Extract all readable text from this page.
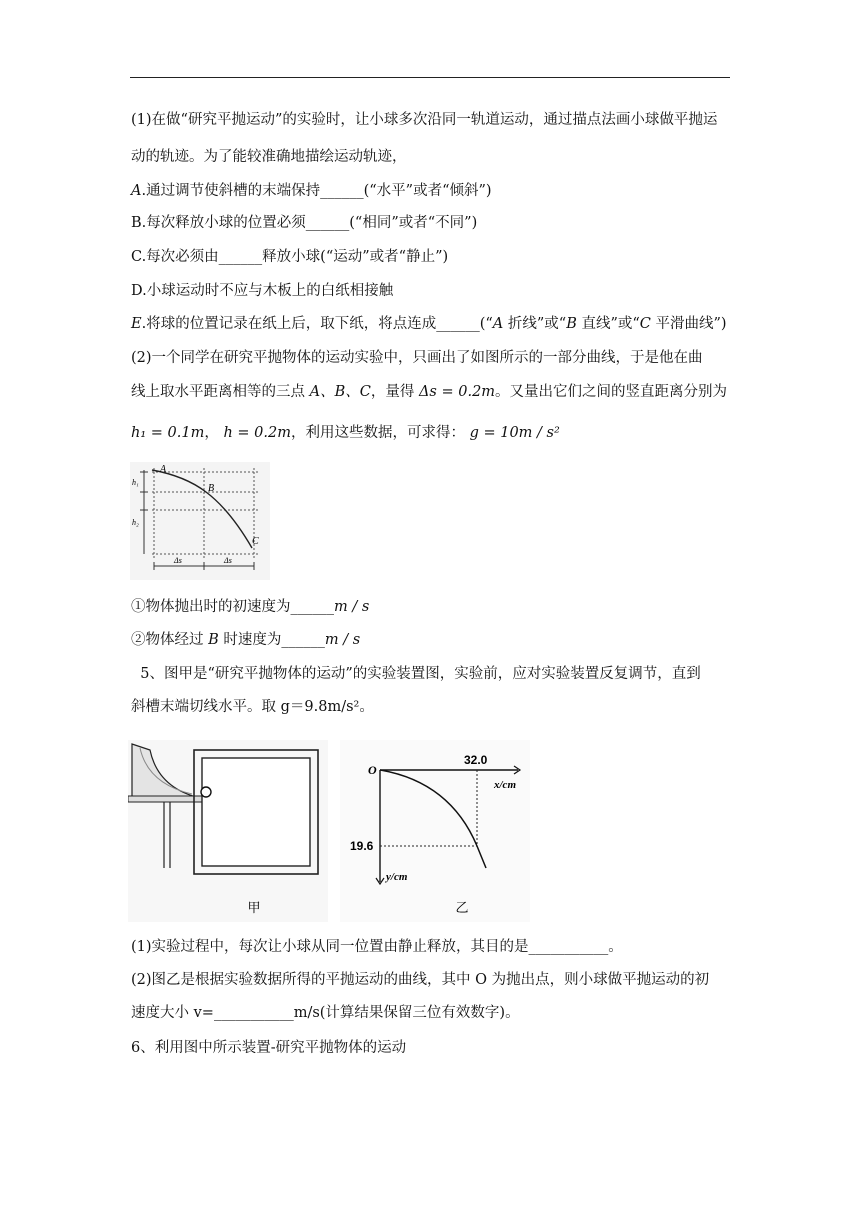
(1)在做“研究平抛运动”的实验时，让小球多次沿同一轨道运动，通过描点法画小球做平抛运
动的轨迹。为了能较准确地描绘运动轨迹，
A.通过调节使斜槽的末端保持______(“水平”或者“倾斜”)
B.每次释放小球的位置必须______(“相同”或者“不同”)
C.每次必须由______释放小球(“运动”或者“静止”)
D.小球运动时不应与木板上的白纸相接触
E.将球的位置记录在纸上后，取下纸，将点连成______(“A 折线”或“B 直线”或“C 平滑曲线”)
(2)一个同学在研究平抛物体的运动实验中，只画出了如图所示的一部分曲线，于是他在曲
线上取水平距离相等的三点 A、B、C，量得 Δs = 0.2m。又量出它们之间的竖直距离分别为
h₁ = 0.1m， h = 0.2m，利用这些数据，可求得： g = 10m / s²
A
B
C
h₁
h₂
Δs	Δs
①物体抛出时的初速度为______m / s
②物体经过 B 时速度为______m / s
5、图甲是“研究平抛物体的运动”的实验装置图，实验前，应对实验装置反复调节，直到
斜槽末端切线水平。取 g＝9.8m/s²。
甲
O
32.0
x/cm
19.6
y/cm
乙
(1)实验过程中，每次让小球从同一位置由静止释放，其目的是___________。
(2)图乙是根据实验数据所得的平抛运动的曲线，其中 O 为抛出点，则小球做平抛运动的初
速度大小 v=___________m/s(计算结果保留三位有效数字)。
6、利用图中所示装置-研究平抛物体的运动
